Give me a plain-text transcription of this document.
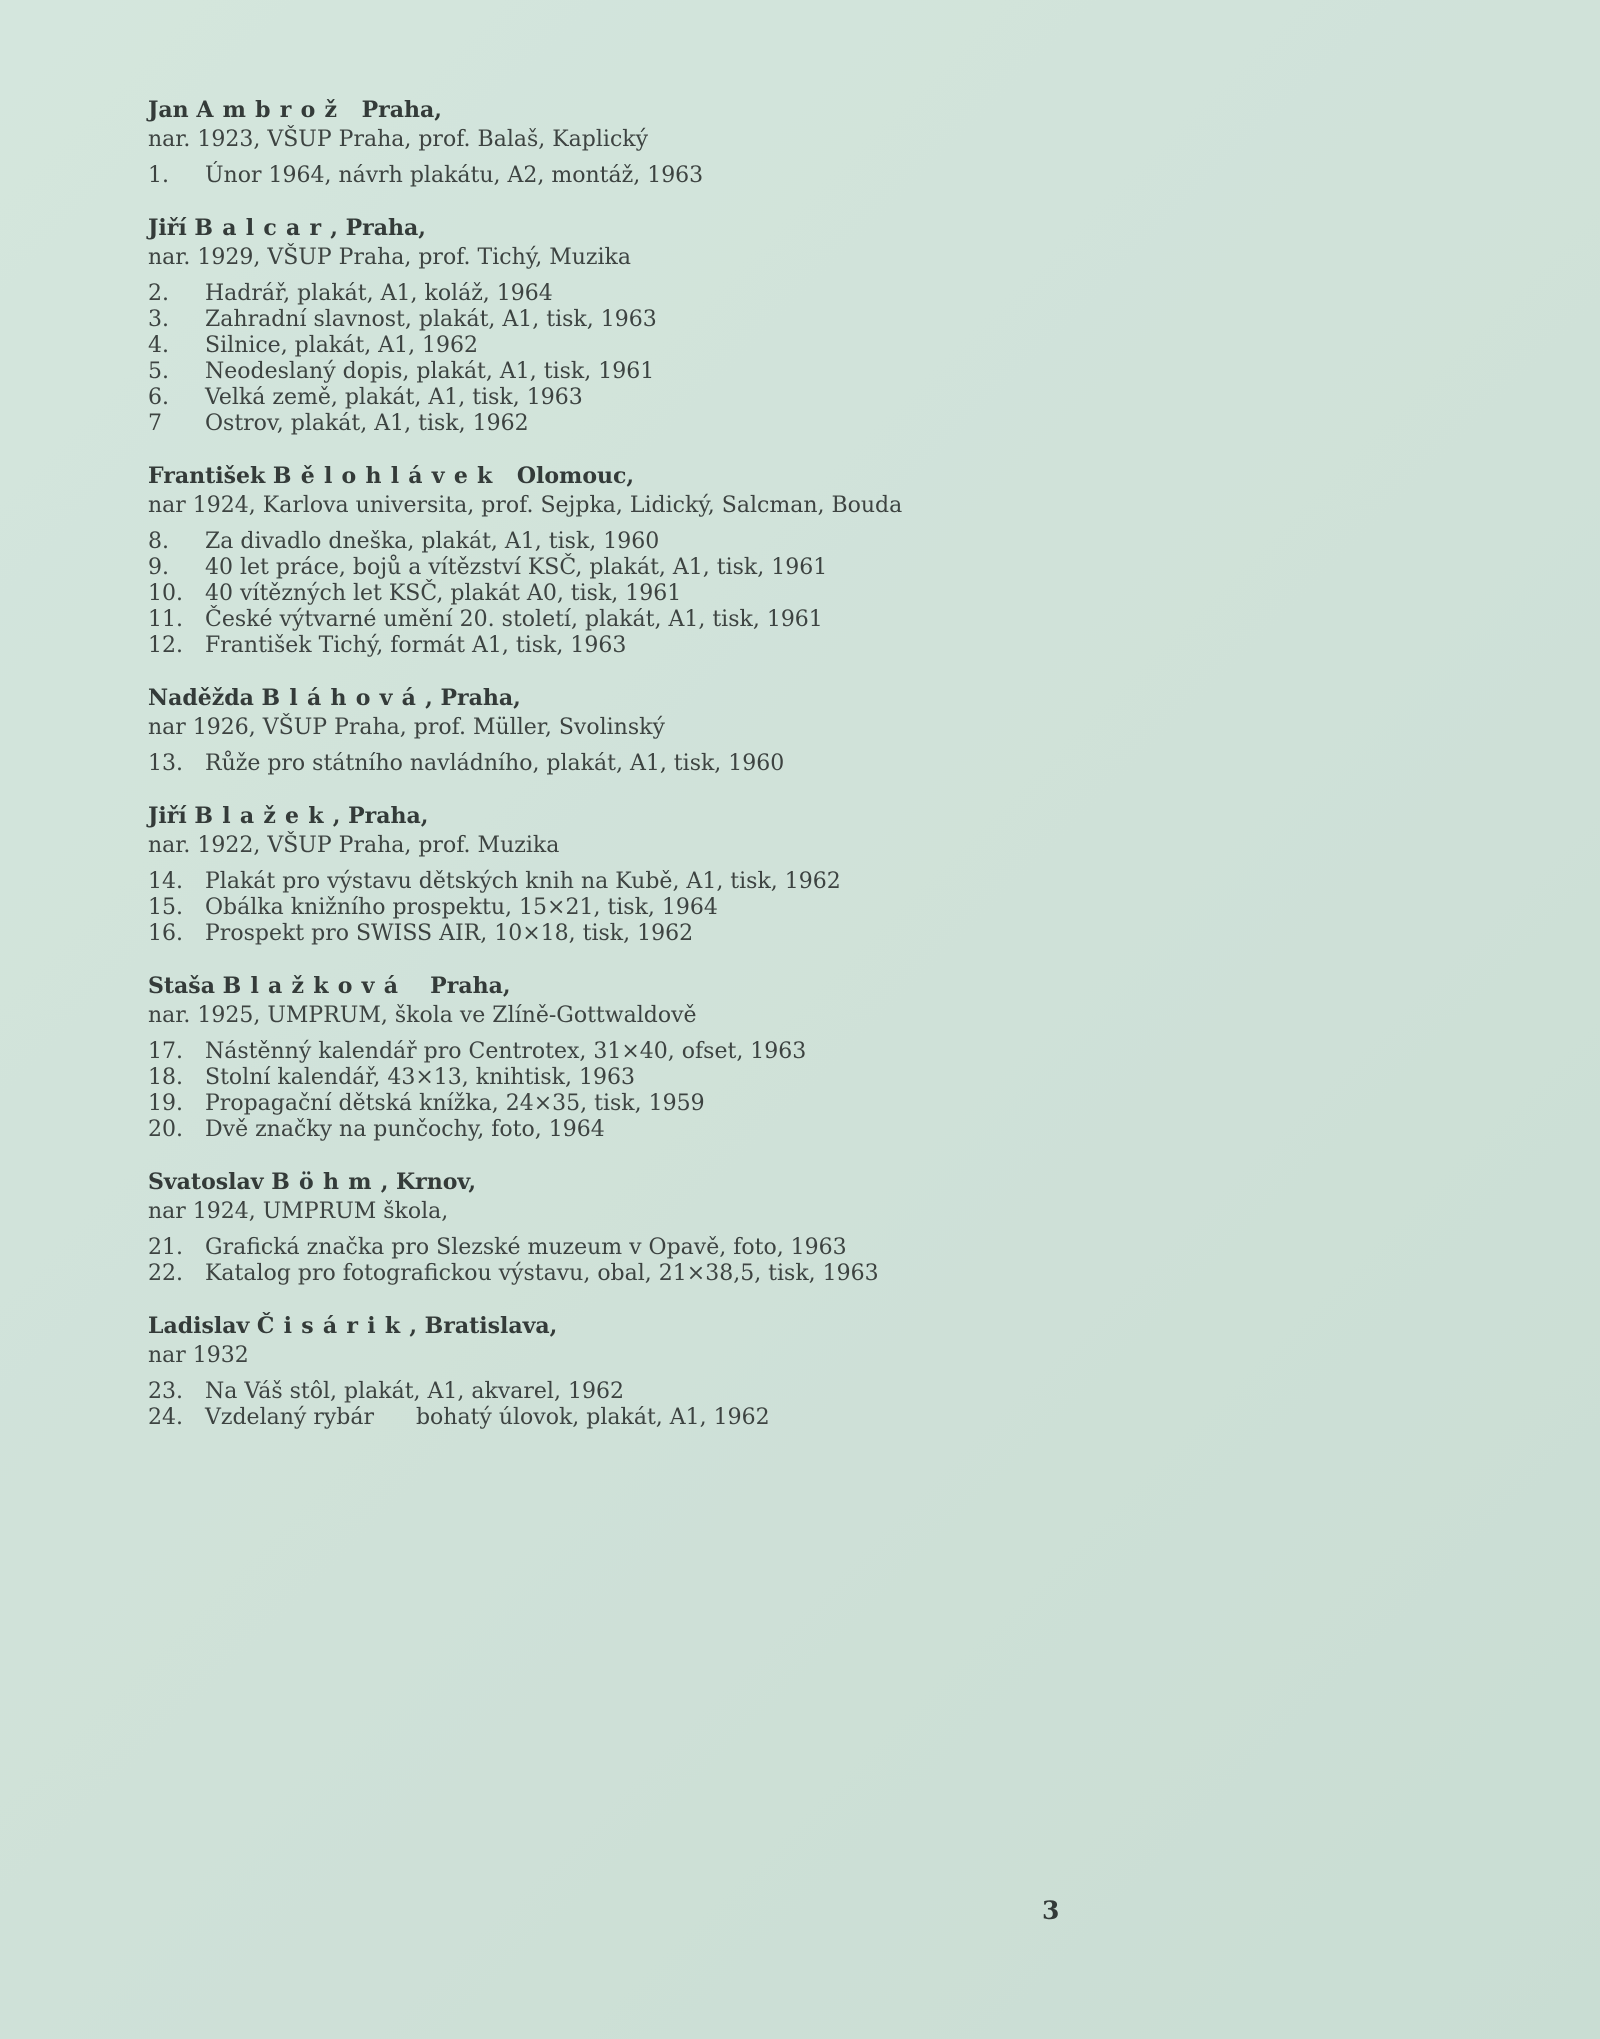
Jan Ambrož  Praha,
nar. 1923, VŠUP Praha, prof. Balaš, Kaplický
1.	Únor 1964, návrh plakátu, A2, montáž, 1963
Jiří Balcar, Praha,
nar. 1929, VŠUP Praha, prof. Tichý, Muzika
2.	Hadrář, plakát, A1, koláž, 1964
3.	Zahradní slavnost, plakát, A1, tisk, 1963
4.	Silnice, plakát, A1, 1962
5.	Neodeslaný dopis, plakát, A1, tisk, 1961
6.	Velká země, plakát, A1, tisk, 1963
7	Ostrov, plakát, A1, tisk, 1962
František Bělohlávek  Olomouc,
nar 1924, Karlova universita, prof. Sejpka, Lidický, Salcman, Bouda
8.	Za divadlo dneška, plakát, A1, tisk, 1960
9.	40 let práce, bojů a vítězství KSČ, plakát, A1, tisk, 1961
10.	40 vítězných let KSČ, plakát A0, tisk, 1961
11.	České výtvarné umění 20. století, plakát, A1, tisk, 1961
12.	František Tichý, formát A1, tisk, 1963
Naděžda Bláhová, Praha,
nar 1926, VŠUP Praha, prof. Müller, Svolinský
13.	Růže pro státního navládního, plakát, A1, tisk, 1960
Jiří Blažek, Praha,
nar. 1922, VŠUP Praha, prof. Muzika
14.	Plakát pro výstavu dětských knih na Kubě, A1, tisk, 1962
15.	Obálka knižního prospektu, 15×21, tisk, 1964
16.	Prospekt pro SWISS AIR, 10×18, tisk, 1962
Staša Blažková   Praha,
nar. 1925, UMPRUM, škola ve Zlíně-Gottwaldově
17.	Nástěnný kalendář pro Centrotex, 31×40, ofset, 1963
18.	Stolní kalendář, 43×13, knihtisk, 1963
19.	Propagační dětská knížka, 24×35, tisk, 1959
20.	Dvě značky na punčochy, foto, 1964
Svatoslav Böhm, Krnov,
nar 1924, UMPRUM škola,
21.	Grafická značka pro Slezské muzeum v Opavě, foto, 1963
22.	Katalog pro fotografickou výstavu, obal, 21×38,5, tisk, 1963
Ladislav Čisárik, Bratislava,
nar 1932
23.	Na Váš stôl, plakát, A1, akvarel, 1962
24.	Vzdelaný rybár      bohatý úlovok, plakát, A1, 1962
3
